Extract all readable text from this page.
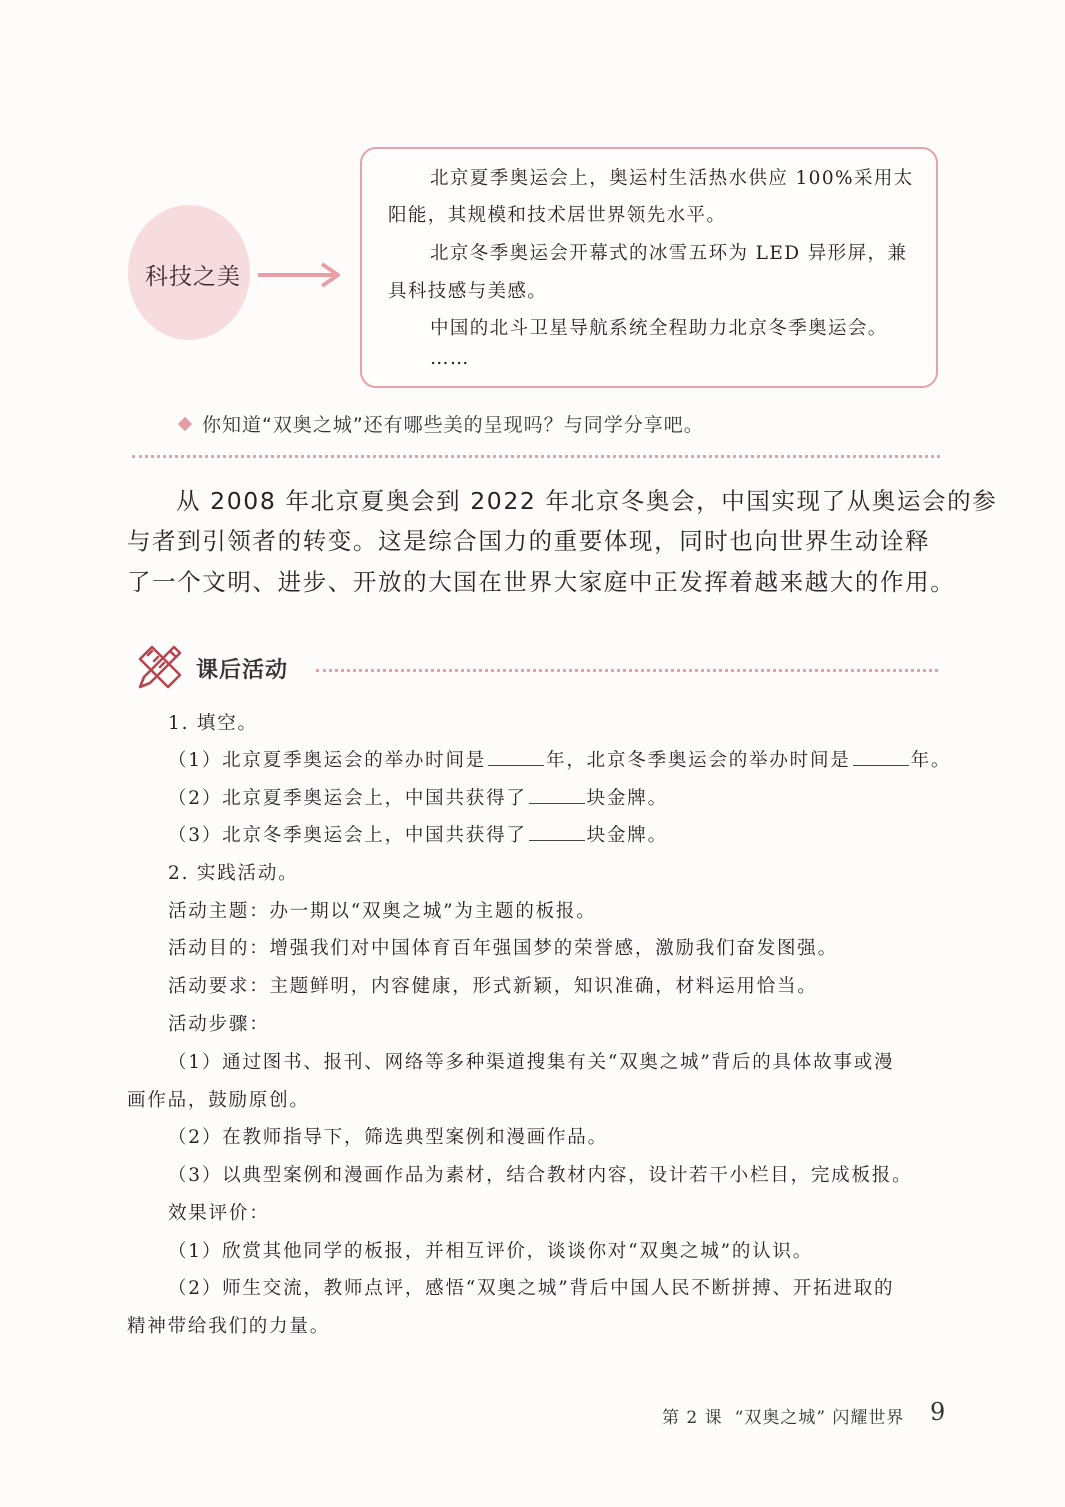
科技之美
北京夏季奥运会上，奥运村生活热水供应 100%采用太
阳能，其规模和技术居世界领先水平。
北京冬季奥运会开幕式的冰雪五环为 LED 异形屏，兼
具科技感与美感。
中国的北斗卫星导航系统全程助力北京冬季奥运会。
……
你知道“双奥之城”还有哪些美的呈现吗？与同学分享吧。
从 2008 年北京夏奥会到 2022 年北京冬奥会，中国实现了从奥运会的参
与者到引领者的转变。这是综合国力的重要体现，同时也向世界生动诠释
了一个文明、进步、开放的大国在世界大家庭中正发挥着越来越大的作用。
课后活动
1. 填空。
（1）北京夏季奥运会的举办时间是	年，北京冬季奥运会的举办时间是	年。
（2）北京夏季奥运会上，中国共获得了	块金牌。
（3）北京冬季奥运会上，中国共获得了	块金牌。
2. 实践活动。
活动主题：办一期以“双奥之城”为主题的板报。
活动目的：增强我们对中国体育百年强国梦的荣誉感，激励我们奋发图强。
活动要求：主题鲜明，内容健康，形式新颖，知识准确，材料运用恰当。
活动步骤：
（1）通过图书、报刊、网络等多种渠道搜集有关“双奥之城”背后的具体故事或漫
画作品，鼓励原创。
（2）在教师指导下，筛选典型案例和漫画作品。
（3）以典型案例和漫画作品为素材，结合教材内容，设计若干小栏目，完成板报。
效果评价：
（1）欣赏其他同学的板报，并相互评价，谈谈你对“双奥之城”的认识。
（2）师生交流，教师点评，感悟“双奥之城”背后中国人民不断拼搏、开拓进取的
精神带给我们的力量。
第 2 课 “双奥之城” 闪耀世界 9
